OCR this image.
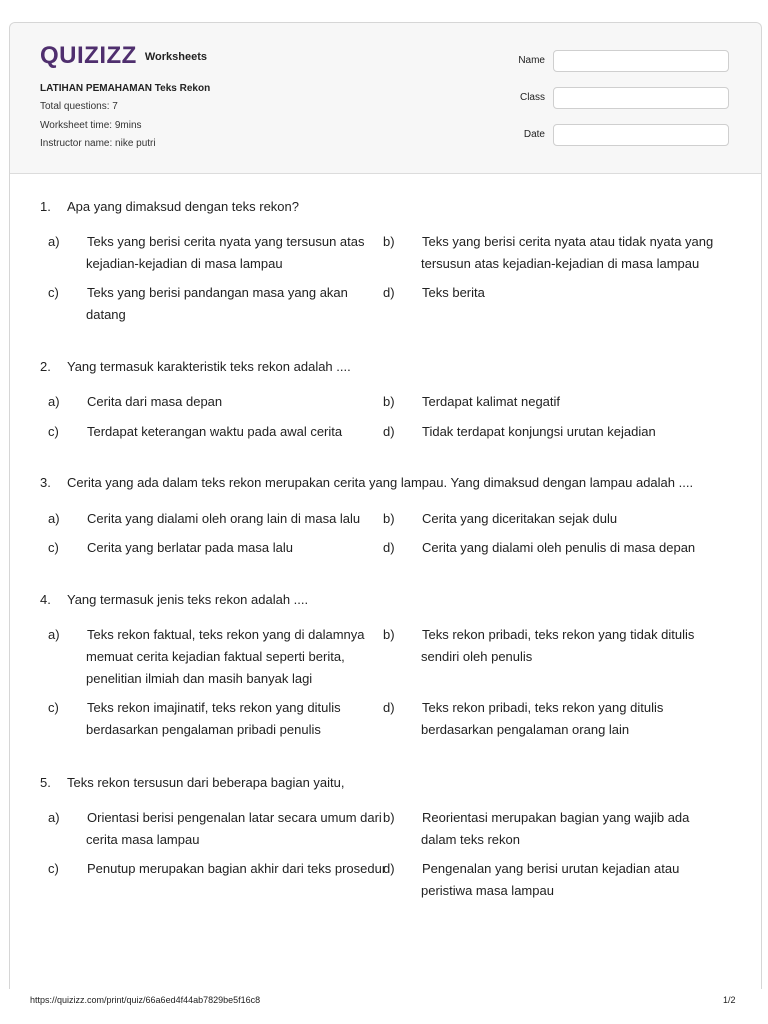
QUIZIZZ Worksheets
LATIHAN PEMAHAMAN Teks Rekon
Total questions: 7
Worksheet time: 9mins
Instructor name: nike putri
Name
Class
Date
1. Apa yang dimaksud dengan teks rekon?
a) Teks yang berisi cerita nyata yang tersusun atas kejadian-kejadian di masa lampau
b) Teks yang berisi cerita nyata atau tidak nyata yang tersusun atas kejadian-kejadian di masa lampau
c) Teks yang berisi pandangan masa yang akan datang
d) Teks berita
2. Yang termasuk karakteristik teks rekon adalah ....
a) Cerita dari masa depan	b) Terdapat kalimat negatif
c) Terdapat keterangan waktu pada awal cerita	d) Tidak terdapat konjungsi urutan kejadian
3. Cerita yang ada dalam teks rekon merupakan cerita yang lampau. Yang dimaksud dengan lampau adalah ....
a) Cerita yang dialami oleh orang lain di masa lalu	b) Cerita yang diceritakan sejak dulu
c) Cerita yang berlatar pada masa lalu	d) Cerita yang dialami oleh penulis di masa depan
4. Yang termasuk jenis teks rekon adalah ....
a) Teks rekon faktual, teks rekon yang di dalamnya memuat cerita kejadian faktual seperti berita, penelitian ilmiah dan masih banyak lagi
b) Teks rekon pribadi, teks rekon yang tidak ditulis sendiri oleh penulis
c) Teks rekon imajinatif, teks rekon yang ditulis berdasarkan pengalaman pribadi penulis
d) Teks rekon pribadi, teks rekon yang ditulis berdasarkan pengalaman orang lain
5. Teks rekon tersusun dari beberapa bagian yaitu,
a) Orientasi berisi pengenalan latar secara umum dari cerita masa lampau
b) Reorientasi merupakan bagian yang wajib ada dalam teks rekon
c) Penutup merupakan bagian akhir dari teks prosedur
d) Pengenalan yang berisi urutan kejadian atau peristiwa masa lampau
https://quizizz.com/print/quiz/66a6ed4f44ab7829be5f16c8	1/2
